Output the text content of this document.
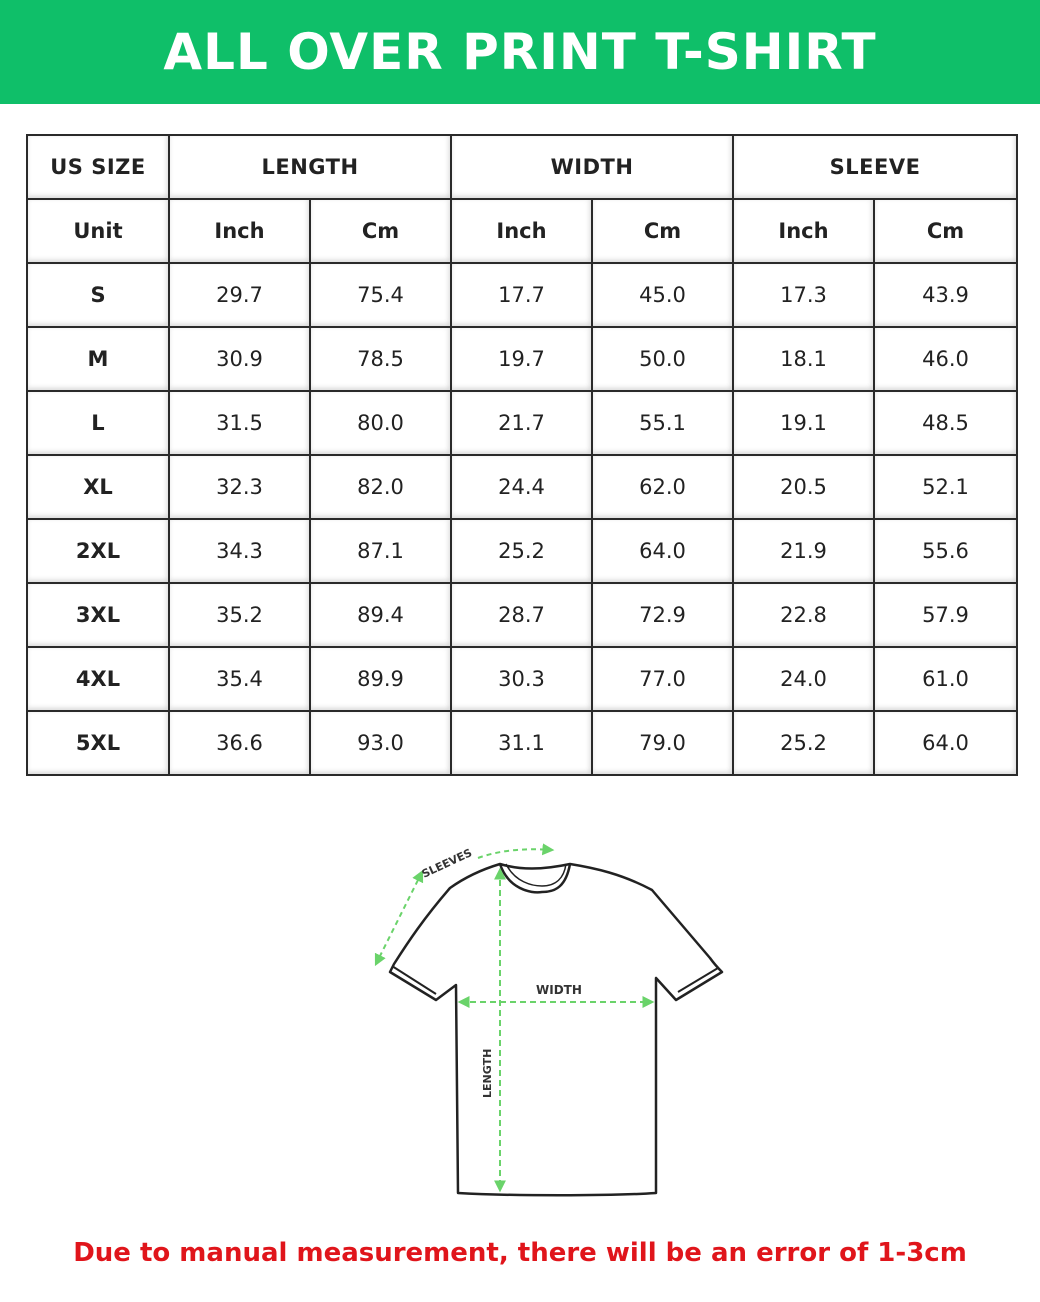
ALL OVER PRINT T-SHIRT
US SIZE	LENGTH		WIDTH		SLEEVE	
Unit	Inch	Cm	Inch	Cm	Inch	Cm
S	29.7	75.4	17.7	45.0	17.3	43.9
M	30.9	78.5	19.7	50.0	18.1	46.0
L	31.5	80.0	21.7	55.1	19.1	48.5
XL	32.3	82.0	24.4	62.0	20.5	52.1
2XL	34.3	87.1	25.2	64.0	21.9	55.6
3XL	35.2	89.4	28.7	72.9	22.8	57.9
4XL	35.4	89.9	30.3	77.0	24.0	61.0
5XL	36.6	93.0	31.1	79.0	25.2	64.0
SLEEVES
WIDTH
LENGTH
Due to manual measurement, there will be an error of 1-3cm
